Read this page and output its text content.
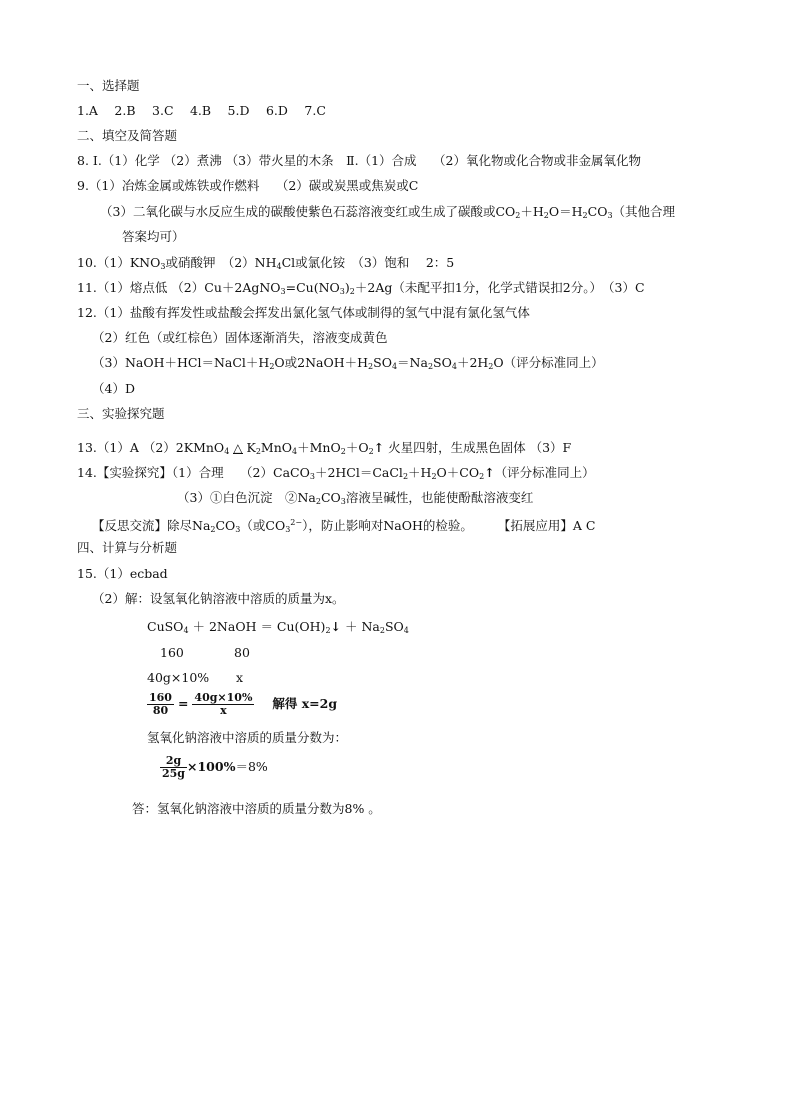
一、选择题
1.A　 2.B　 3.C　 4.B　 5.D　 6.D　 7.C
二、填空及简答题
8. I.（1）化学 （2）煮沸 （3）带火星的木条　Ⅱ.（1）合成　 （2）氧化物或化合物或非金属氧化物
9.（1）冶炼金属或炼铁或作燃料　 （2）碳或炭黑或焦炭或C
（3）二氧化碳与水反应生成的碳酸使紫色石蕊溶液变红或生成了碳酸或$CO_2+H_2O=H_2CO_3$（其他合理
答案均可）
$10.(1)KNO_3$或硝酸钾　$(2)NH_4Cl$或氯化铵　（3）饱和　 2：5
11.（1）熔点低 $(2)Cu+2AgNO_3=Cu(NO_3)_2+2Ag$（未配平扣1分，化学式错误扣2分。）　（3）C
12.（1）盐酸有挥发性或盐酸会挥发出氯化氢气体或制得的氢气中混有氯化氢气体
（2）红色（或红棕色）固体逐渐消失，溶液变成黄色
$(3)NaOH+HCl=NaCl+H_2O$或$2NaOH+H_2SO_4=Na_2SO_4+2H_2O$（评分标准同上）
（4）D
三、实验探究题
13.（1）A （2）2KMnO$_4$ △ $K_2MnO_4+MnO_2+O_2↑$ 火星四射，生成黑色固体 （3）F
14.【实验探究】（1）合理　 $(2)CaCO_3+2HCl=CaCl_2+H_2O+CO_2↑$（评分标准同上）
（3）①白色沉淀　$②Na_2CO_3$溶液呈碱性，也能使酚酞溶液变红
【反思交流】除尽$Na_2CO_3$（或$CO_3^{2-}$），防止影响对NaOH的检验。　　　【拓展应用】A C
四、计算与分析题
15.（1）ecbad
（2）解：设氢氧化钠溶液中溶质的质量为x。
CuSO$_4$ ＋ 2NaOH ＝ $Cu(OH)_2↓ + Na_2SO_4$
160	80
40g×10% x
$\frac{160}{80} = \frac{40g\times 10\%}{x}$ 解得 x=2g
氢氧化钠溶液中溶质的质量分数为：
$\frac{2g}{25g} \times 100\%=8\%$
答：氢氧化钠溶液中溶质的质量分数为8% 。
